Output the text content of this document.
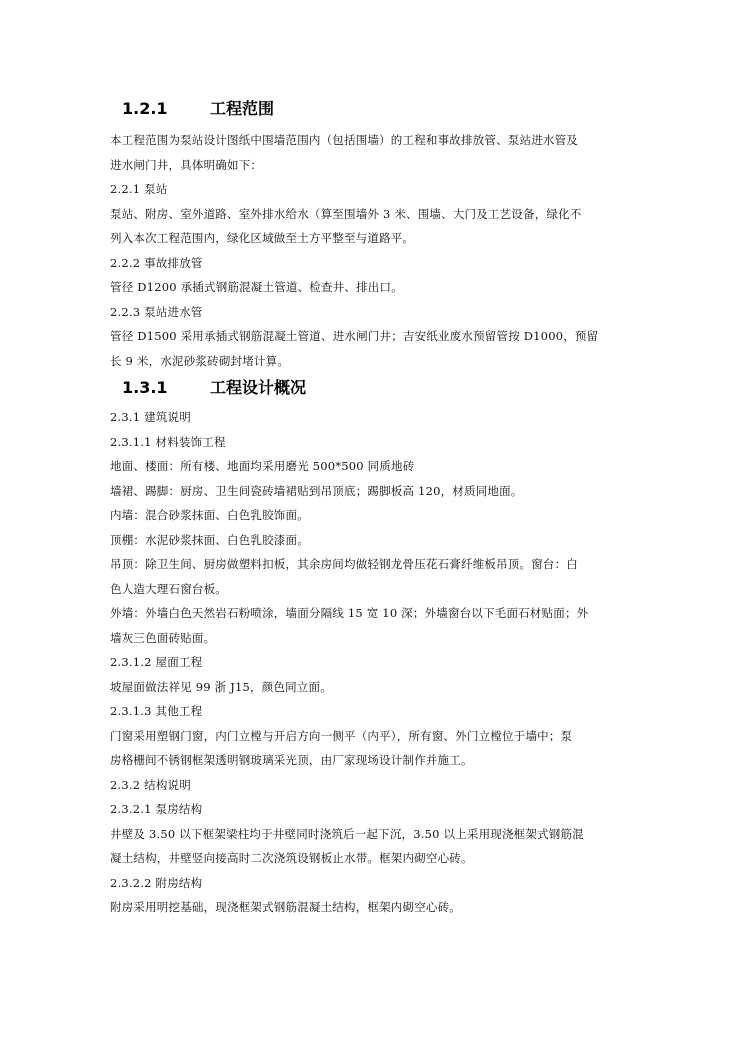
1.2.1	工程范围
本工程范围为泵站设计图纸中围墙范围内（包括围墙）的工程和事故排放管、泵站进水管及
进水闸门井，具体明确如下：
2.2.1 泵站
泵站、附房、室外道路、室外排水给水（算至围墙外 3 米、围墙、大门及工艺设备，绿化不
列入本次工程范围内，绿化区域做至土方平整至与道路平。
2.2.2 事故排放管
管径 D1200 承插式钢筋混凝土管道、检查井、排出口。
2.2.3 泵站进水管
管径 D1500 采用承插式钢筋混凝土管道、进水闸门井；吉安纸业废水预留管按 D1000，预留
长 9 米，水泥砂浆砖砌封堵计算。
1.3.1	工程设计概况
2.3.1 建筑说明
2.3.1.1 材料装饰工程
地面、楼面：所有楼、地面均采用磨光 500*500 同质地砖
墙裙、踢脚：厨房、卫生间瓷砖墙裙贴到吊顶底；踢脚板高 120，材质同地面。
内墙：混合砂浆抹面、白色乳胶饰面。
顶棚：水泥砂浆抹面、白色乳胶漆面。
吊顶：除卫生间、厨房做塑料扣板，其余房间均做轻钢龙骨压花石膏纤维板吊顶。窗台：白
色人造大理石窗台板。
外墙：外墙白色天然岩石粉喷涂，墙面分隔线 15 宽 10 深；外墙窗台以下毛面石材贴面；外
墙灰三色面砖贴面。
2.3.1.2 屋面工程
坡屋面做法祥见 99 浙 J15，颜色同立面。
2.3.1.3 其他工程
门窗采用塑钢门窗，内门立樘与开启方向一侧平（内平），所有窗、外门立樘位于墙中；泵
房格栅间不锈钢框架透明钢玻璃采光顶，由厂家现场设计制作并施工。
2.3.2 结构说明
2.3.2.1 泵房结构
井壁及 3.50 以下框架梁柱均于井壁同时浇筑后一起下沉，3.50 以上采用现浇框架式钢筋混
凝土结构，井壁竖向接高时二次浇筑设钢板止水带。框架内砌空心砖。
2.3.2.2 附房结构
附房采用明挖基础，现浇框架式钢筋混凝土结构，框架内砌空心砖。
